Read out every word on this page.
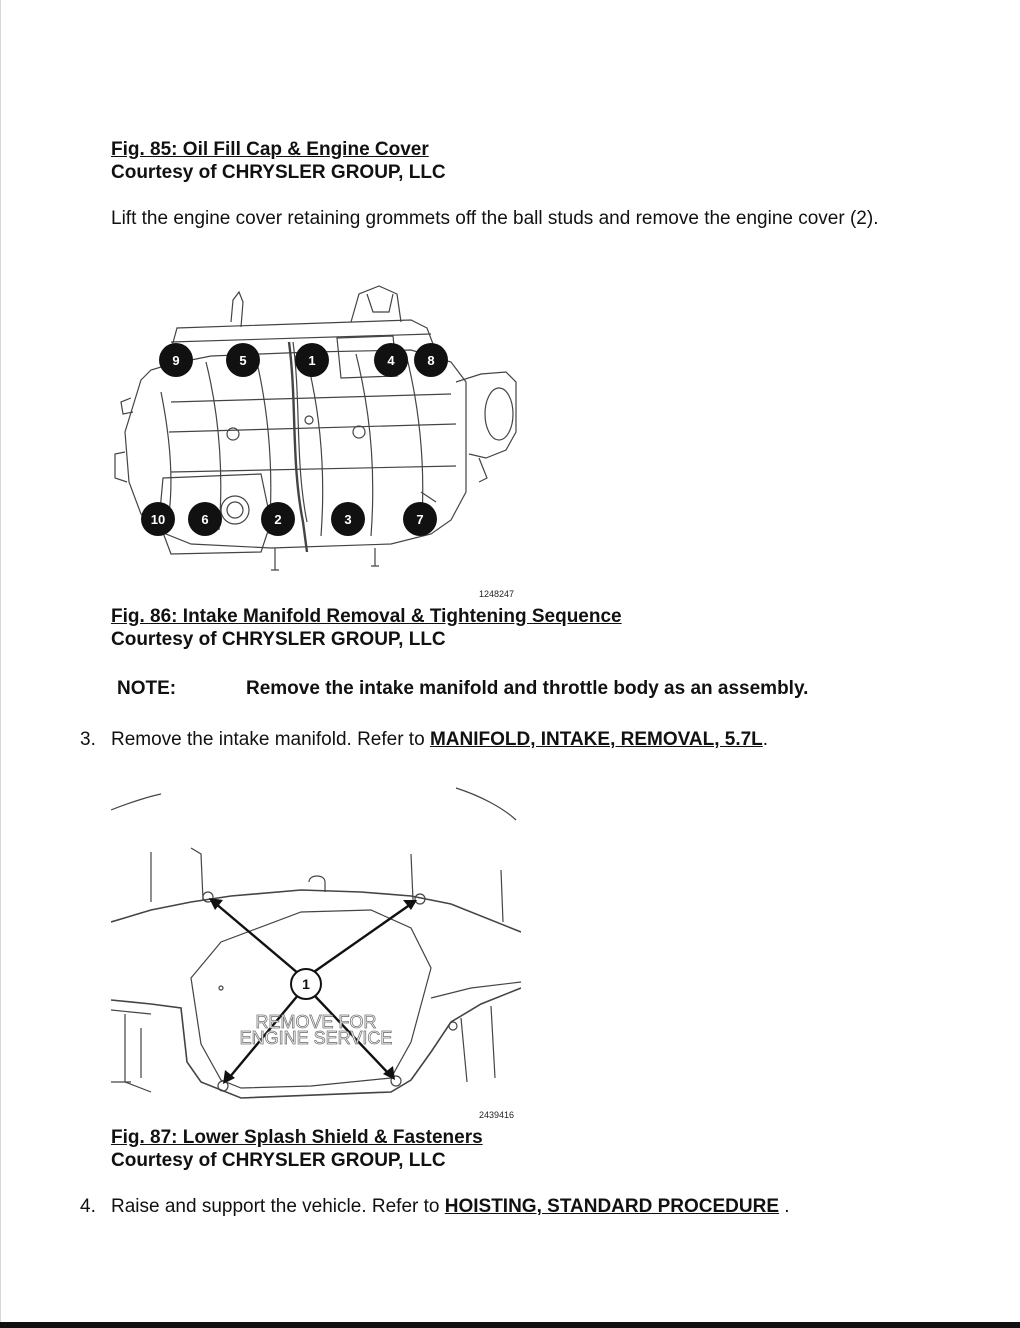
Fig. 85: Oil Fill Cap & Engine Cover
Courtesy of CHRYSLER GROUP, LLC
Lift the engine cover retaining grommets off the ball studs and remove the engine cover (2).
9	5	1	4	8
10	6	2	3	7
1248247
Fig. 86: Intake Manifold Removal & Tightening Sequence
Courtesy of CHRYSLER GROUP, LLC
NOTE:	Remove the intake manifold and throttle body as an assembly.
3. Remove the intake manifold. Refer to MANIFOLD, INTAKE, REMOVAL, 5.7L.
1
REMOVE FOR
ENGINE SERVICE
2439416
Fig. 87: Lower Splash Shield & Fasteners
Courtesy of CHRYSLER GROUP, LLC
4. Raise and support the vehicle. Refer to HOISTING, STANDARD PROCEDURE .
